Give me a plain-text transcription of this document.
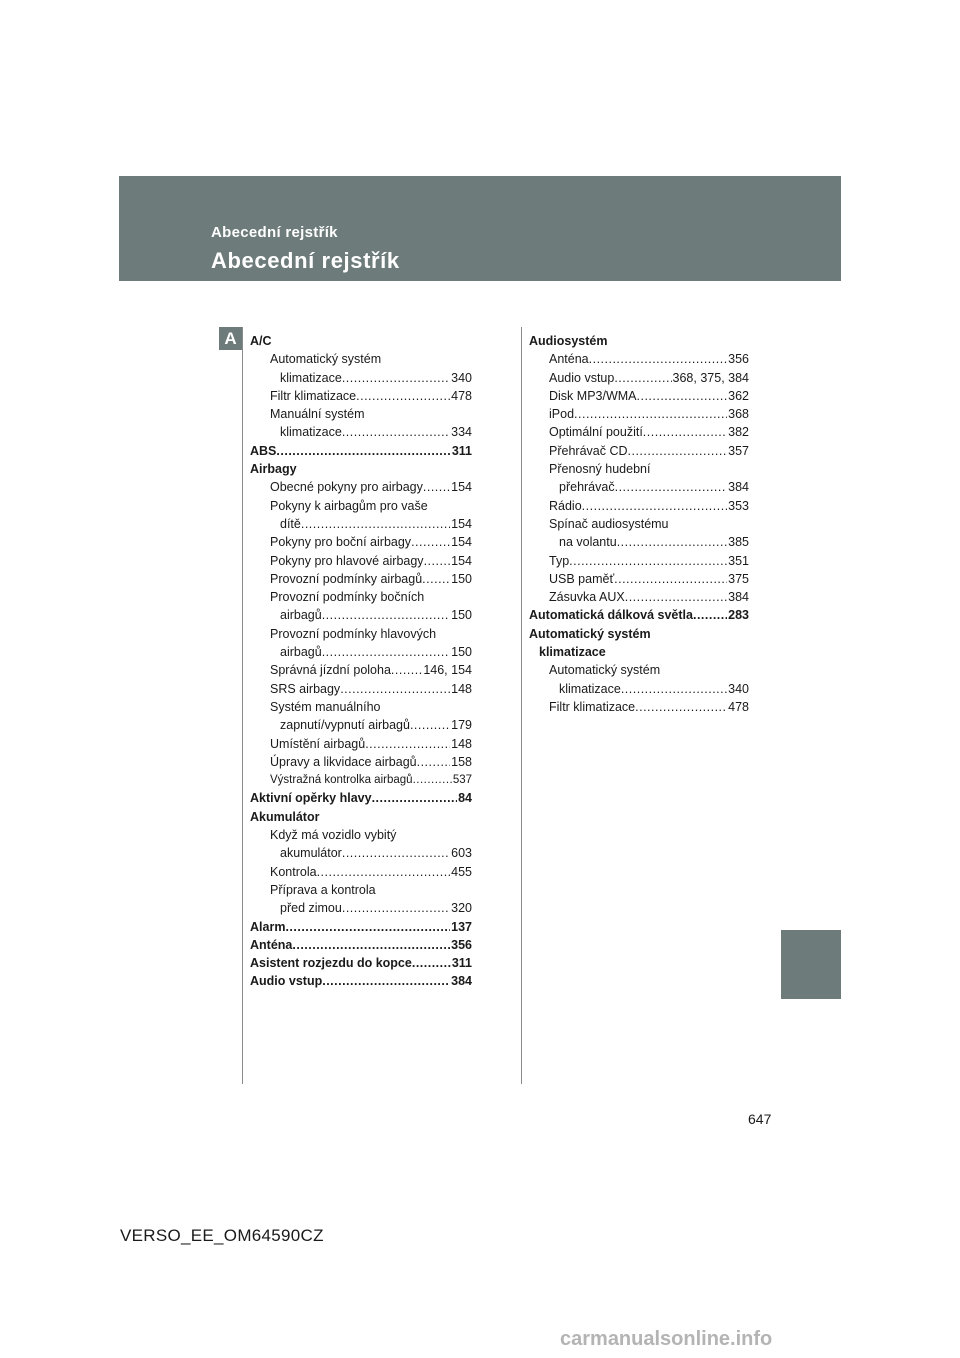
Abecední rejstřík
Abecední rejstřík
A	A/C
Automatický systém
klimatizace .....	340
Filtr klimatizace .....	478
Manuální systém
klimatizace .....	334
ABS .....	311
Airbagy
Obecné pokyny pro airbagy ..... 154
Pokyny k airbagům pro vaše
dítě .....	154
Pokyny pro boční airbagy .....	154
Pokyny pro hlavové airbagy ..... 154
Provozní podmínky airbagů ..... 150
Provozní podmínky bočních
airbagů .....	150
Provozní podmínky hlavových
airbagů .....	150
Správná jízdní poloha .....	146, 154
SRS airbagy .....	148
Systém manuálního
zapnutí/vypnutí airbagů .....	179
Umístění airbagů .....	148
Úpravy a likvidace airbagů .....	158
Výstražná kontrolka airbagů .....	537
Aktivní opěrky hlavy .....	84
Akumulátor
Když má vozidlo vybitý
akumulátor .....	603
Kontrola .....	455
Příprava a kontrola
před zimou .....	320
Alarm .....	137
Anténa .....	356
Asistent rozjezdu do kopce .....	311
Audio vstup .....	384
Audiosystém
Anténa .....	356
Audio vstup .....	368, 375, 384
Disk MP3/WMA .....	362
iPod .....	368
Optimální použití .....	382
Přehrávač CD .....	357
Přenosný hudební
přehrávač .....	384
Rádio .....	353
Spínač audiosystému
na volantu .....	385
Typ .....	351
USB paměť .....	375
Zásuvka AUX .....	384
Automatická dálková světla .....	283
Automatický systém
klimatizace
Automatický systém
klimatizace .....	340
Filtr klimatizace .....	478
647
VERSO_EE_OM64590CZ
carmanualsonline.info
